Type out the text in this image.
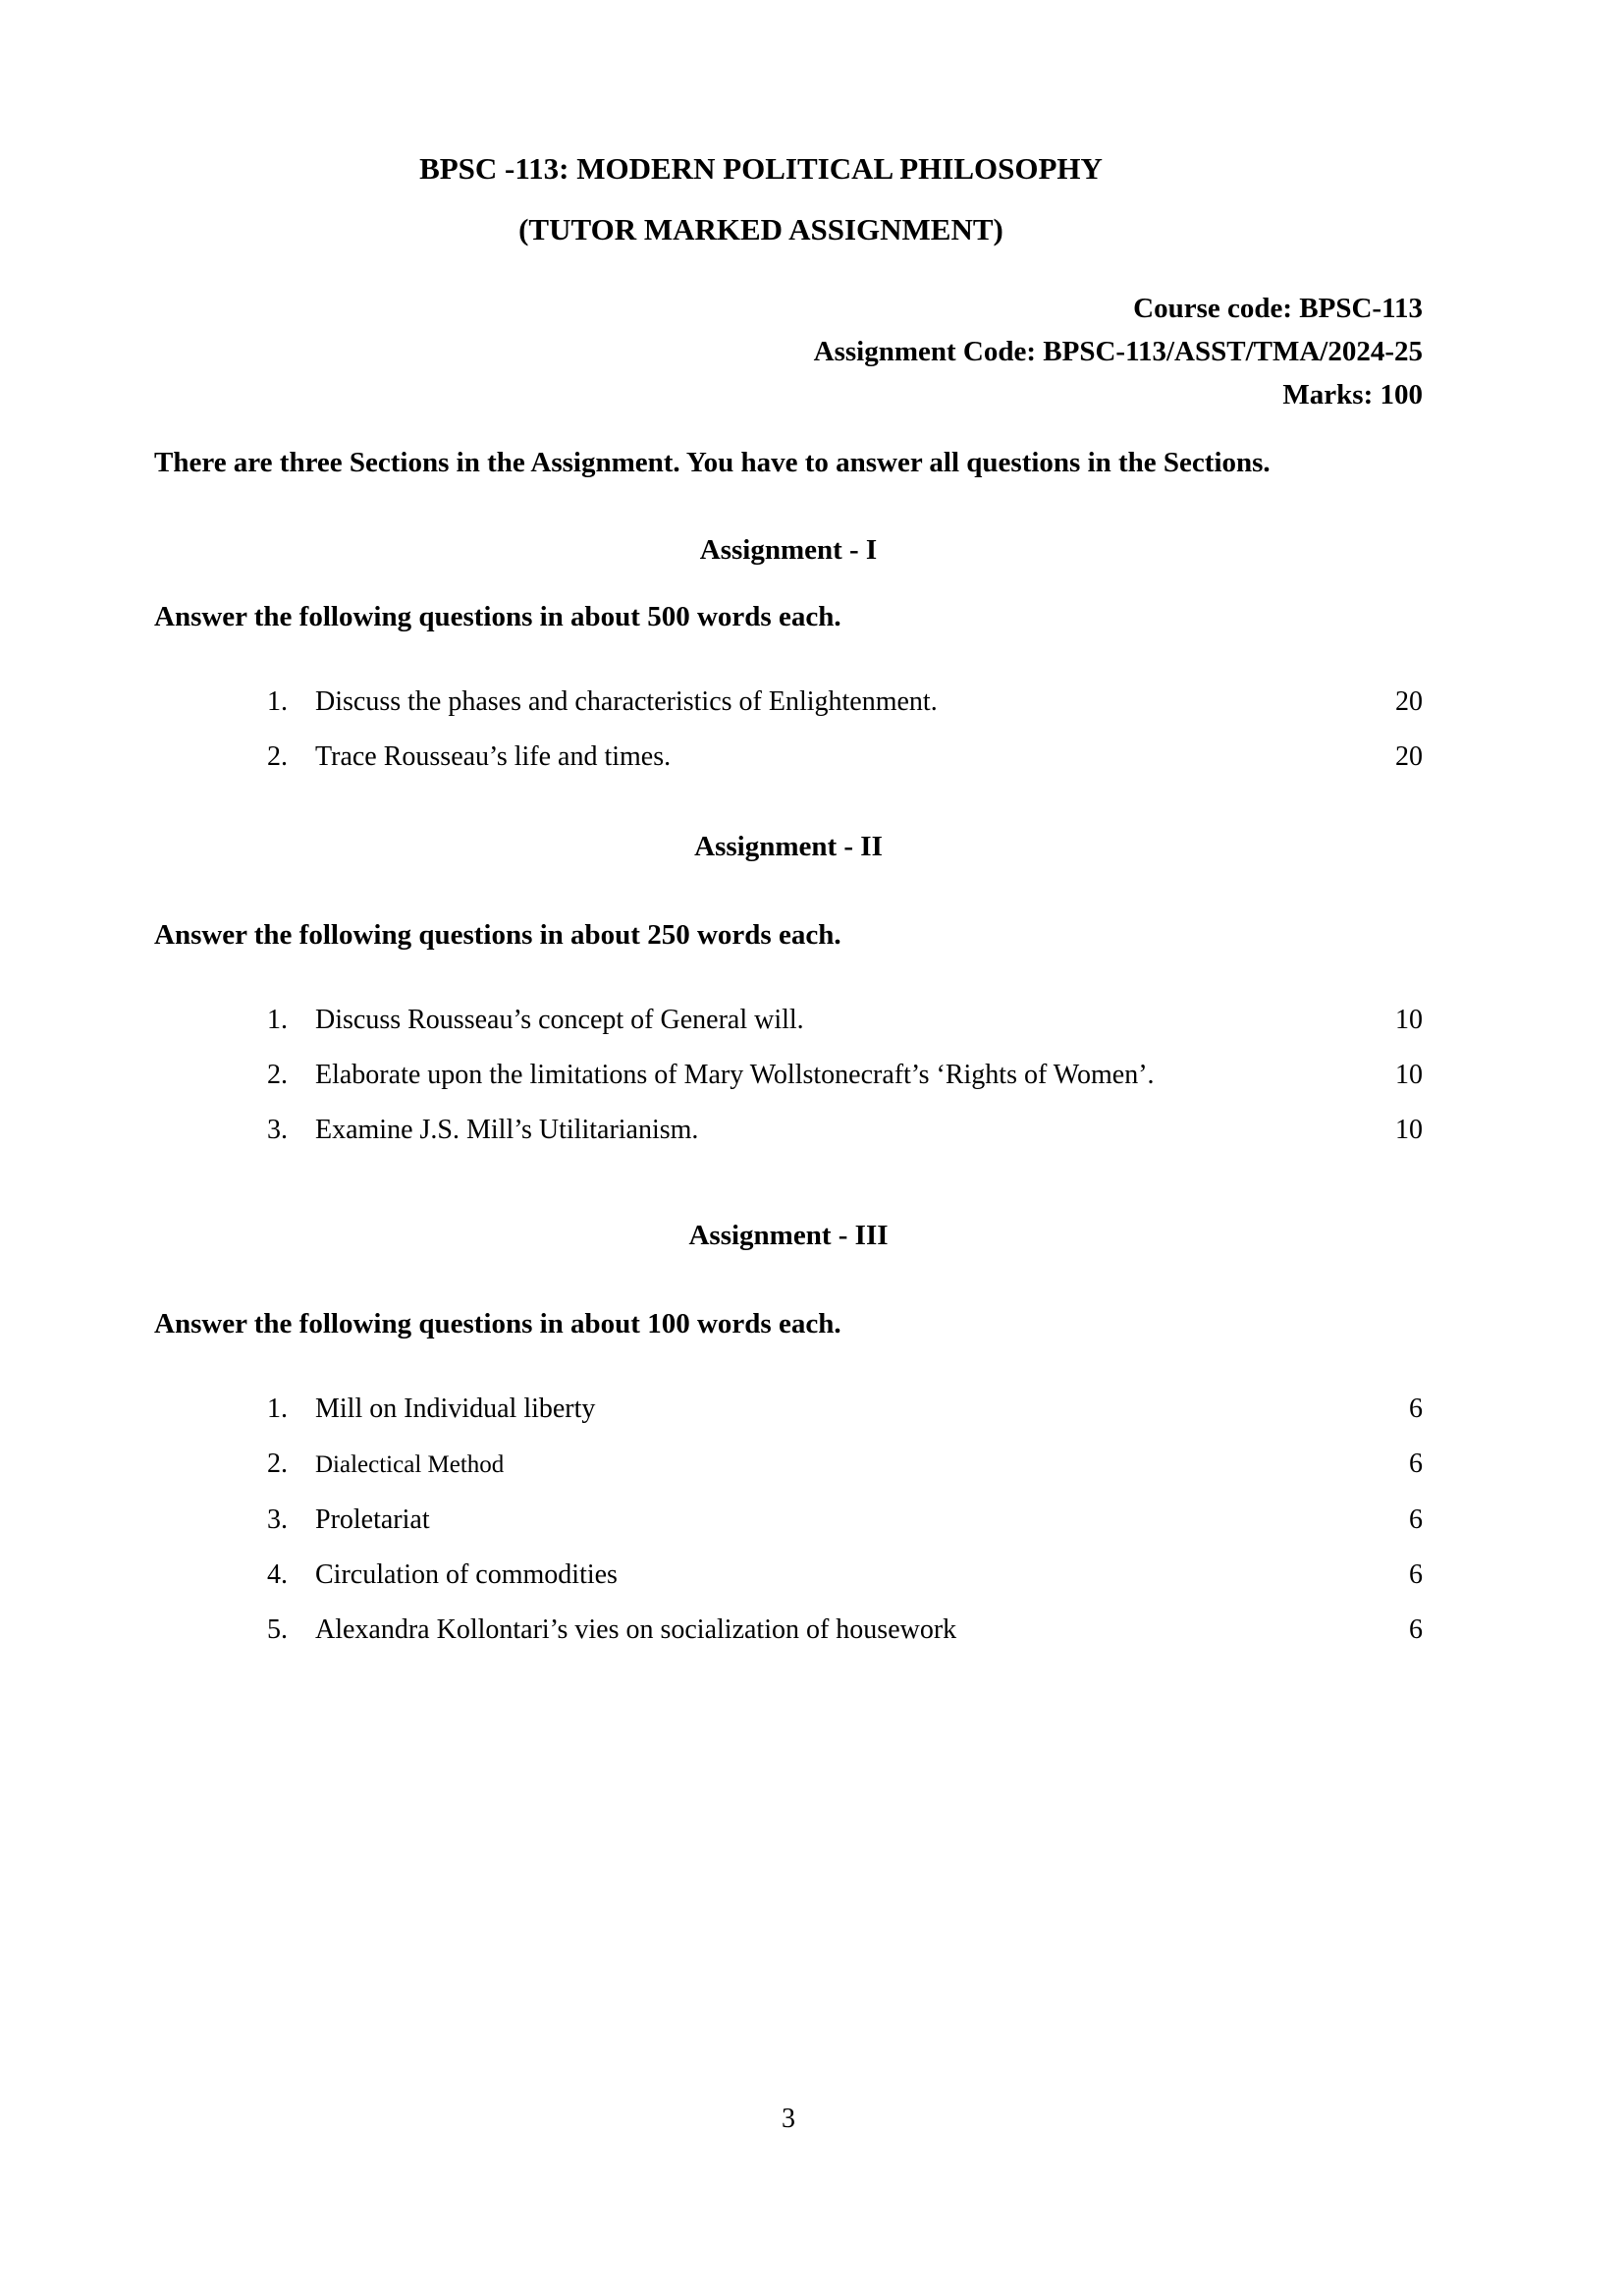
BPSC -113: MODERN POLITICAL PHILOSOPHY
(TUTOR MARKED ASSIGNMENT)
Course code: BPSC-113
Assignment Code: BPSC-113/ASST/TMA/2024-25
Marks: 100

There are three Sections in the Assignment. You have to answer all questions in the Sections.

Assignment - I
Answer the following questions in about 500 words each.
1.	Discuss the phases and characteristics of Enlightenment.	20
2.	Trace Rousseau’s life and times.	20
Assignment - II
Answer the following questions in about 250 words each.
1.	Discuss Rousseau’s concept of General will.	10
2.	Elaborate upon the limitations of Mary Wollstonecraft’s ‘Rights of Women’.	10
3.	Examine J.S. Mill’s Utilitarianism.	10
Assignment - III
Answer the following questions in about 100 words each.
1.	Mill on Individual liberty	6
2.	Dialectical Method	6
3.	Proletariat	6
4.	Circulation of commodities	6
5.	Alexandra Kollontari’s vies on socialization of housework	6
3
